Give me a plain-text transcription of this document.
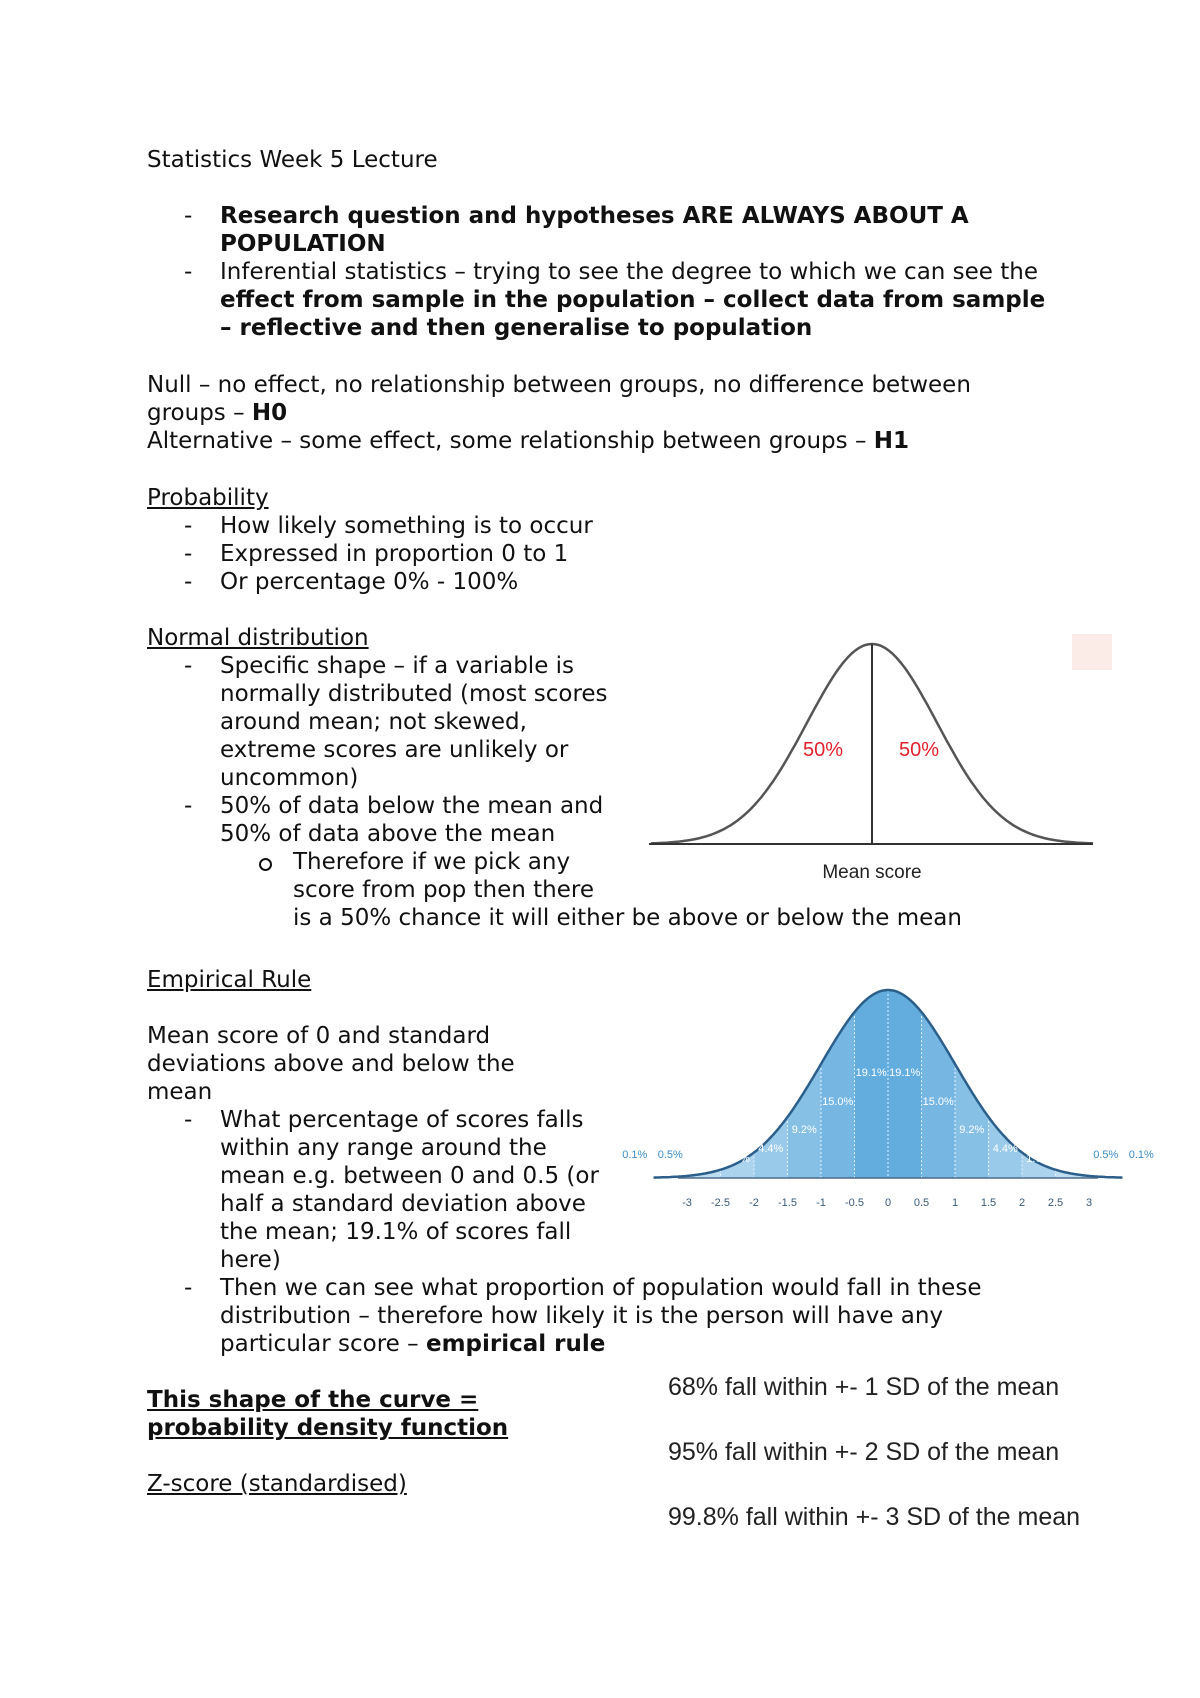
Statistics Week 5 Lecture
- Research question and hypotheses ARE ALWAYS ABOUT A POPULATION
- Inferential statistics – trying to see the degree to which we can see the effect from sample in the population – collect data from sample – reflective and then generalise to population
Null – no effect, no relationship between groups, no difference between groups – H0
Alternative – some effect, some relationship between groups – H1
Probability
- How likely something is to occur
- Expressed in proportion 0 to 1
- Or percentage 0% - 100%
Normal distribution
- Specific shape – if a variable is normally distributed (most scores around mean; not skewed, extreme scores are unlikely or uncommon)
- 50% of data below the mean and 50% of data above the mean
Therefore if we pick any score from pop then there
is a 50% chance it will either be above or below the mean
50%	50%
Mean score
Empirical Rule
Mean score of 0 and standard deviations above and below the mean
- What percentage of scores falls within any range around the mean e.g. between 0 and 0.5 (or half a standard deviation above the mean; 19.1% of scores fall here)
- Then we can see what proportion of population would fall in these distribution – therefore how likely it is the person will have any particular score – empirical rule
This shape of the curve = probability density function
Z-score (standardised)
0.1% 0.5%	1.7%
4.4%
9.2%
15.0%
19.1% 19.1%
15.0%
9.2%
4.4%
1.7%	0.5% 0.1%
-3 -2.5 -2 -1.5 -1 -0.5 0 0.5 1 1.5 2 2.5 3
68% fall within +- 1 SD of the mean
95% fall within +- 2 SD of the mean
99.8% fall within +- 3 SD of the mean
